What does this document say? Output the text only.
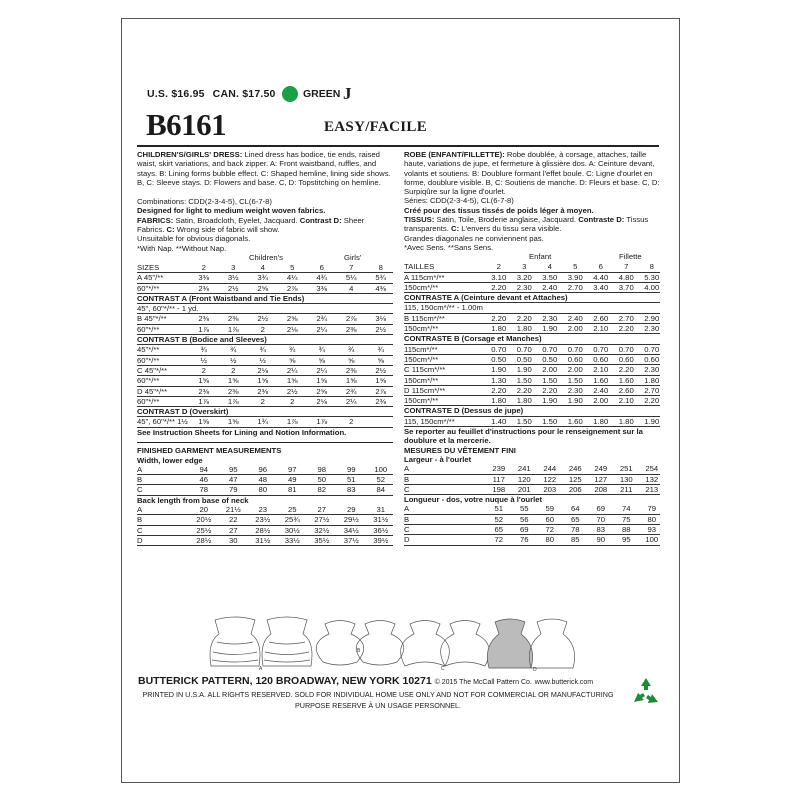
U.S. $16.95 CAN. $17.50	GREEN J
B6161	EASY/FACILE

CHILDREN'S/GIRLS' DRESS: Lined dress has bodice, tie ends, raised waist, skirt variations, and back zipper. A: Front waistband, ruffles, and stays. B: Lining forms bubble effect. C: Shaped hemline, lining side shows. B, C: Sleeve stays. D: Flowers and base. C, D: Topstitching on hemline.

Combinations: CDD(2-3-4-5), CL(6-7-8)

Designed for light to medium weight woven fabrics.

FABRICS: Satin, Broadcloth, Eyelet, Jacquard. Contrast D: Sheer Fabrics. C: Wrong side of fabric will show.

Unsuitable for obvious diagonals.

*With Nap. **Without Nap.

Children's	Girls'
SIZES	2	3	4	5	6	7	8
A 45"/**	3⅜	3½	3¾	4¼	4¾	5¼	5¾
60"*/**	2⅜	2½	2⅝	2⅞	3⅜	4	4⅜
CONTRAST A (Front Waistband and Tie Ends)
45", 60"*/** - 1 yd.
B 45"*/**	2⅜	2⅜	2½	2⅝	2¾	2⅞	3⅛
60"*/**	1⅞	1⅞	2	2⅛	2¼	2⅜	2½
CONTRAST B (Bodice and Sleeves)
45"*/**	¾	¾	¾	¾	¾	¾	¾
60"*/**	½	½	½	⅝	⅝	⅝	⅝
C 45"*/**	2	2	2⅛	2¼	2¼	2⅜	2½
60"*/**	1⅝	1⅝	1⅝	1⅝	1⅝	1⅝	1⅝
D 45"*/**	2⅜	2⅜	2⅜	2½	2⅝	2¾	2⅞
60"*/**	1⅞	1⅞	2	2	2⅛	2¼	2⅜
CONTRAST D (Overskirt)
45", 60"*/** 1½	1⅝	1⅝	1¾	1⅞	1⅞	2

See Instruction Sheets for Lining and Notion Information.

FINISHED GARMENT MEASUREMENTS

Width, lower edge

A	94	95	96	97	98	99	100
B	46	47	48	49	50	51	52
C	78	79	80	81	82	83	84

Back length from base of neck

A	20	21½	23	25	27	29	31
B	20½	22	23½	25¾	27½	29½	31½
C	25½	27	28½	30½	32½	34½	36½
D	28½	30	31½	33½	35½	37½	39½

ROBE (ENFANT/FILLETTE): Robe doublée, à corsage, attaches, taille haute, variations de jupe, et fermeture à glissière dos. A: Ceinture devant, volants et soutiens. B: Doublure formant l'effet boule. C: Ligne d'ourlet en forme, doublure visible. B, C: Soutiens de manche. D: Fleurs et base. C, D: Surpiqûre sur la ligne d'ourlet.

Séries: CDD(2-3-4-5), CL(6-7-8)

Créé pour des tissus tissés de poids léger à moyen.

TISSUS: Satin, Toile, Broderie anglaise, Jacquard. Contraste D: Tissus transparents. C: L'envers du tissu sera visible.

Grandes diagonales ne conviennent pas.

*Avec Sens. **Sans Sens.

Enfant	Fillette
TAILLES	2	3	4	5	6	7	8
A 115cm*/**	3.10	3.20	3.50	3.90	4.40	4.80	5.30
150cm*/**	2.20	2.30	2.40	2.70	3.40	3.70	4.00
CONTRASTE A (Ceinture devant et Attaches)
115, 150cm*/** - 1.00m
B 115cm*/**	2.20	2.20	2.30	2.40	2.60	2.70	2.90
150cm*/**	1.80	1.80	1.90	2.00	2.10	2.20	2.30
CONTRASTE B (Corsage et Manches)
115cm*/**	0.70	0.70	0.70	0.70	0.70	0.70	0.70
150cm*/**	0.50	0.50	0.50	0.60	0.60	0.60	0.60
C 115cm*/**	1.90	1.90	2.00	2.00	2.10	2.20	2.30
150cm*/**	1.30	1.50	1.50	1.50	1.60	1.60	1.80
D 115cm*/**	2.20	2.20	2.20	2.30	2.40	2.60	2.70
150cm*/**	1.80	1.80	1.90	1.90	2.00	2.10	2.20
CONTRASTE D (Dessus de jupe)
115, 150cm*/**	1.40	1.50	1.50	1.60	1.80	1.80	1.90

Se reporter au feuillet d'instructions pour le renseignement sur la doublure et la mercerie.

MESURES DU VÊTEMENT FINI

Largeur - à l'ourlet

A	239	241	244	246	249	251	254
B	117	120	122	125	127	130	132
C	198	201	203	206	208	211	213

Longueur - dos, votre nuque à l'ourlet

A	51	55	59	64	69	74	79
B	52	56	60	65	70	75	80
C	65	69	72	78	83	88	93
D	72	76	80	85	90	95	100
A
B
C	D
BUTTERICK PATTERN, 120 BROADWAY, NEW YORK 10271 © 2015 The McCall Pattern Co. www.butterick.com
PRINTED IN U.S.A. ALL RIGHTS RESERVED. SOLD FOR INDIVIDUAL HOME USE ONLY AND NOT FOR COMMERCIAL OR MANUFACTURING PURPOSE RESERVE À UN USAGE PERSONNEL.
